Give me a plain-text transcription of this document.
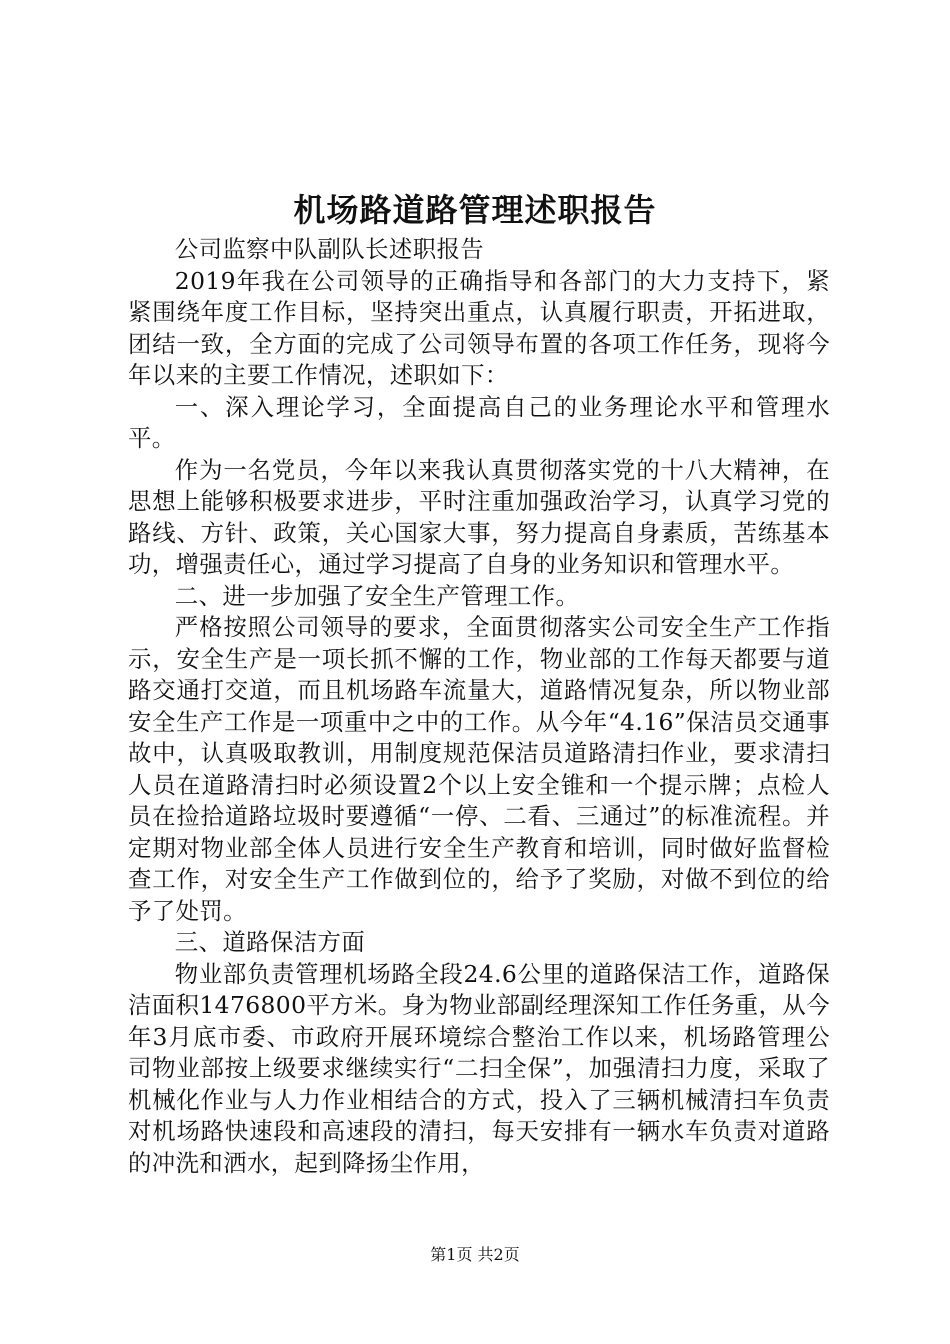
机场路道路管理述职报告

公司监察中队副队长述职报告

2019年我在公司领导的正确指导和各部门的大力支持下，紧紧围绕年度工作目标，坚持突出重点，认真履行职责，开拓进取，团结一致，全方面的完成了公司领导布置的各项工作任务，现将今年以来的主要工作情况，述职如下：

一、深入理论学习，全面提高自己的业务理论水平和管理水平。

作为一名党员，今年以来我认真贯彻落实党的十八大精神，在思想上能够积极要求进步，平时注重加强政治学习，认真学习党的路线、方针、政策，关心国家大事，努力提高自身素质，苦练基本功，增强责任心，通过学习提高了自身的业务知识和管理水平。

二、进一步加强了安全生产管理工作。

严格按照公司领导的要求，全面贯彻落实公司安全生产工作指示，安全生产是一项长抓不懈的工作，物业部的工作每天都要与道路交通打交道，而且机场路车流量大，道路情况复杂，所以物业部安全生产工作是一项重中之中的工作。从今年“4.16”保洁员交通事故中，认真吸取教训，用制度规范保洁员道路清扫作业，要求清扫人员在道路清扫时必须设置2个以上安全锥和一个提示牌；点检人员在捡拾道路垃圾时要遵循“一停、二看、三通过”的标准流程。并定期对物业部全体人员进行安全生产教育和培训，同时做好监督检查工作，对安全生产工作做到位的，给予了奖励，对做不到位的给予了处罚。

三、道路保洁方面

物业部负责管理机场路全段24.6公里的道路保洁工作，道路保洁面积1476800平方米。身为物业部副经理深知工作任务重，从今年3月底市委、市政府开展环境综合整治工作以来，机场路管理公司物业部按上级要求继续实行“二扫全保”，加强清扫力度，采取了机械化作业与人力作业相结合的方式，投入了三辆机械清扫车负责对机场路快速段和高速段的清扫，每天安排有一辆水车负责对道路的冲洗和洒水，起到降扬尘作用，

第1页 共2页
